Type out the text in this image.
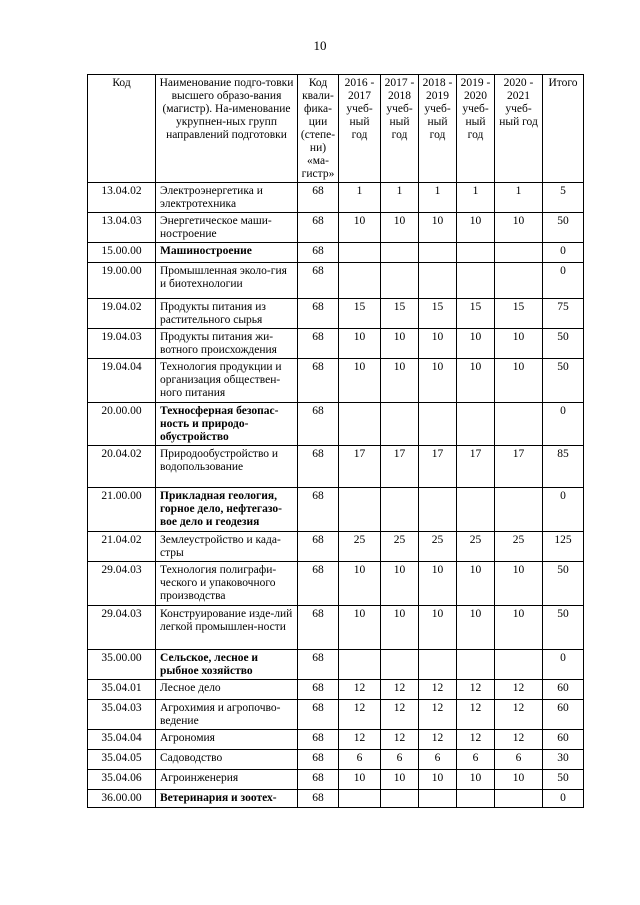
10
Код	Наименование подго-товки высшего образо-вания (магистр). На-именование укрупнен-ных групп направлений подготовки	Код квали-фика-ции (степе-ни) «ма-гистр»	2016 - 2017 учеб-ный год	2017 - 2018 учеб-ный год	2018 - 2019 учеб-ный год	2019 - 2020 учеб-ный год	2020 - 2021 учеб-ный год	Итого
13.04.02	Электроэнергетика и электротехника	68	1	1	1	1	1	5
13.04.03	Энергетическое маши-ностроение	68	10	10	10	10	10	50
15.00.00	Машиностроение	68						0
19.00.00	Промышленная эколо-гия и биотехнологии	68						0
19.04.02	Продукты питания из растительного сырья	68	15	15	15	15	15	75
19.04.03	Продукты питания жи-вотного происхождения	68	10	10	10	10	10	50
19.04.04	Технология продукции и организация обществен-ного питания	68	10	10	10	10	10	50
20.00.00	Техносферная безопас-ность и природо-обустройство	68						0
20.04.02	Природообустройство и водопользование	68	17	17	17	17	17	85
21.00.00	Прикладная геология, горное дело, нефтегазо-вое дело и геодезия	68						0
21.04.02	Землеустройство и када-стры	68	25	25	25	25	25	125
29.04.03	Технология полиграфи-ческого и упаковочного производства	68	10	10	10	10	10	50
29.04.03	Конструирование изде-лий легкой промышлен-ности	68	10	10	10	10	10	50
35.00.00	Сельское, лесное и рыбное хозяйство	68						0
35.04.01	Лесное дело	68	12	12	12	12	12	60
35.04.03	Агрохимия и агропочво-ведение	68	12	12	12	12	12	60
35.04.04	Агрономия	68	12	12	12	12	12	60
35.04.05	Садоводство	68	6	6	6	6	6	30
35.04.06	Агроинженерия	68	10	10	10	10	10	50
36.00.00	Ветеринария и зоотех-	68						0
